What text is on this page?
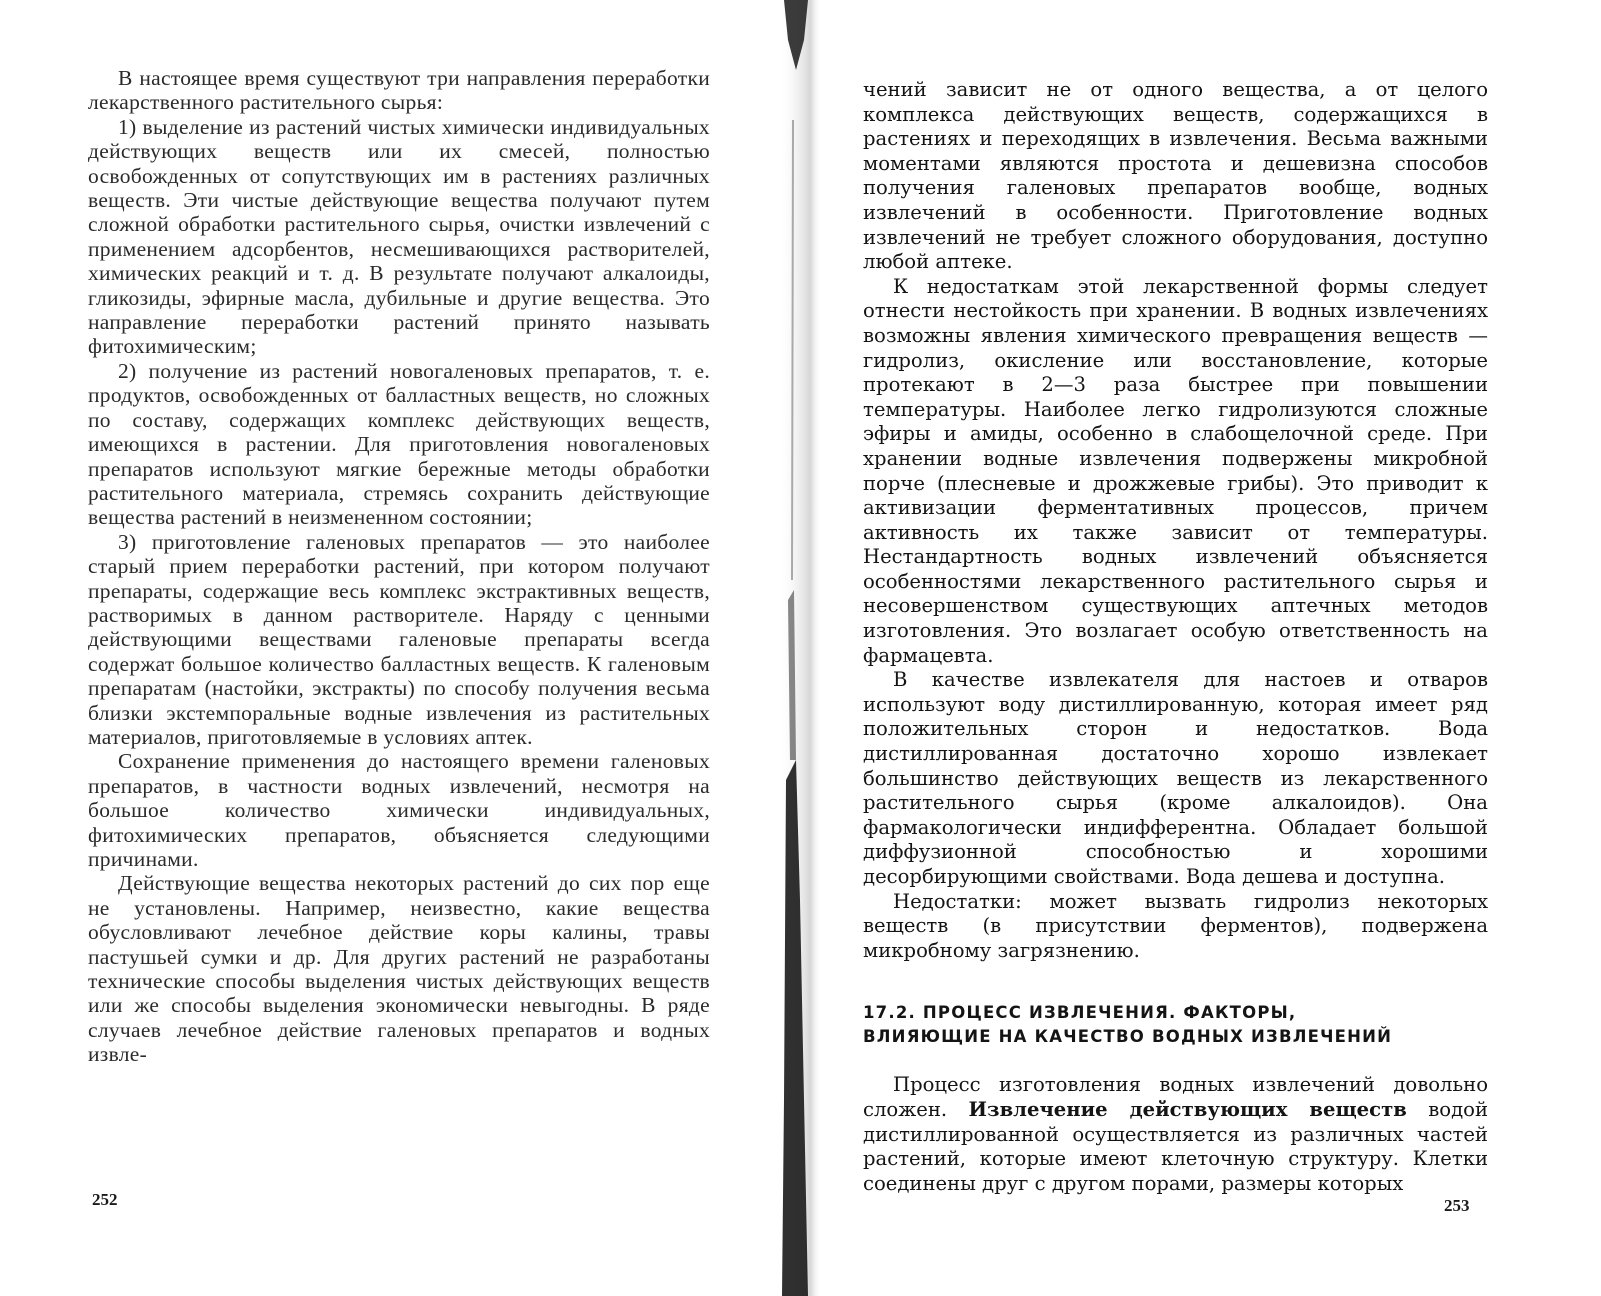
В настоящее время существуют три направления переработки лекарственного растительного сырья:

1) выделение из растений чистых химически индивидуальных действующих веществ или их смесей, полностью освобожденных от сопутствующих им в растениях различных веществ. Эти чистые действующие вещества получают путем сложной обработки растительного сырья, очистки извлечений с применением адсорбентов, несмешивающихся растворителей, химических реакций и т. д. В результате получают алкалоиды, гликозиды, эфирные масла, дубильные и другие вещества. Это направление переработки растений принято называть фитохимическим;

2) получение из растений новогаленовых препаратов, т. е. продуктов, освобожденных от балластных веществ, но сложных по составу, содержащих комплекс действующих веществ, имеющихся в растении. Для приготовления новогаленовых препаратов используют мягкие бережные методы обработки растительного материала, стремясь сохранить действующие вещества растений в неизмененном состоянии;

3) приготовление галеновых препаратов — это наиболее старый прием переработки растений, при котором получают препараты, содержащие весь комплекс экстрактивных веществ, растворимых в данном растворителе. Наряду с ценными действующими веществами галеновые препараты всегда содержат большое количество балластных веществ. К галеновым препаратам (настойки, экстракты) по способу получения весьма близки экстемпоральные водные извлечения из растительных материалов, приготовляемые в условиях аптек.

Сохранение применения до настоящего времени галеновых препаратов, в частности водных извлечений, несмотря на большое количество химически индивидуальных, фитохимических препаратов, объясняется следующими причинами.

Действующие вещества некоторых растений до сих пор еще не установлены. Например, неизвестно, какие вещества обусловливают лечебное действие коры калины, травы пастушьей сумки и др. Для других растений не разработаны технические способы выделения чистых действующих веществ или же способы выделения экономически невыгодны. В ряде случаев лечебное действие галеновых препаратов и водных извле-

252

чений зависит не от одного вещества, а от целого комплекса действующих веществ, содержащихся в растениях и переходящих в извлечения. Весьма важными моментами являются простота и дешевизна способов получения галеновых препаратов вообще, водных извлечений в особенности. Приготовление водных извлечений не требует сложного оборудования, доступно любой аптеке.

К недостаткам этой лекарственной формы следует отнести нестойкость при хранении. В водных извлечениях возможны явления химического превращения веществ — гидролиз, окисление или восстановление, которые протекают в 2—3 раза быстрее при повышении температуры. Наиболее легко гидролизуются сложные эфиры и амиды, особенно в слабощелочной среде. При хранении водные извлечения подвержены микробной порче (плесневые и дрожжевые грибы). Это приводит к активизации ферментативных процессов, причем активность их также зависит от температуры. Нестандартность водных извлечений объясняется особенностями лекарственного растительного сырья и несовершенством существующих аптечных методов изготовления. Это возлагает особую ответственность на фармацевта.

В качестве извлекателя для настоев и отваров используют воду дистиллированную, которая имеет ряд положительных сторон и недостатков. Вода дистиллированная достаточно хорошо извлекает большинство действующих веществ из лекарственного растительного сырья (кроме алкалоидов). Она фармакологически индифферентна. Обладает большой диффузионной способностью и хорошими десорбирующими свойствами. Вода дешева и доступна.

Недостатки: может вызвать гидролиз некоторых веществ (в присутствии ферментов), подвержена микробному загрязнению.

17.2. ПРОЦЕСС ИЗВЛЕЧЕНИЯ. ФАКТОРЫ,
ВЛИЯЮЩИЕ НА КАЧЕСТВО ВОДНЫХ ИЗВЛЕЧЕНИЙ

Процесс изготовления водных извлечений довольно сложен. Извлечение действующих веществ водой дистиллированной осуществляется из различных частей растений, которые имеют клеточную структуру. Клетки соединены друг с другом порами, размеры которых

253
